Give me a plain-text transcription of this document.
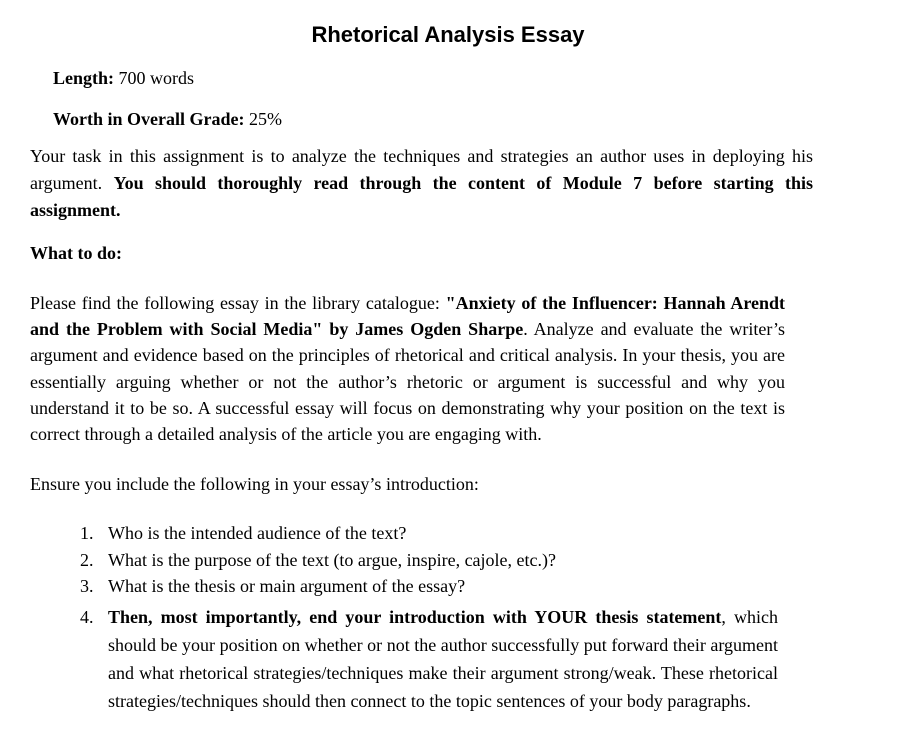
Rhetorical Analysis Essay

Length: 700 words

Worth in Overall Grade: 25%

Your task in this assignment is to analyze the techniques and strategies an author uses in deploying his argument. You should thoroughly read through the content of Module 7 before starting this assignment.

What to do:

Please find the following essay in the library catalogue: "Anxiety of the Influencer: Hannah Arendt and the Problem with Social Media" by James Ogden Sharpe. Analyze and evaluate the writer’s argument and evidence based on the principles of rhetorical and critical analysis. In your thesis, you are essentially arguing whether or not the author’s rhetoric or argument is successful and why you understand it to be so. A successful essay will focus on demonstrating why your position on the text is correct through a detailed analysis of the article you are engaging with.

Ensure you include the following in your essay’s introduction:

1. Who is the intended audience of the text?
2. What is the purpose of the text (to argue, inspire, cajole, etc.)?
3. What is the thesis or main argument of the essay?
4. Then, most importantly, end your introduction with YOUR thesis statement, which should be your position on whether or not the author successfully put forward their argument and what rhetorical strategies/techniques make their argument strong/weak. These rhetorical strategies/techniques should then connect to the topic sentences of your body paragraphs.
